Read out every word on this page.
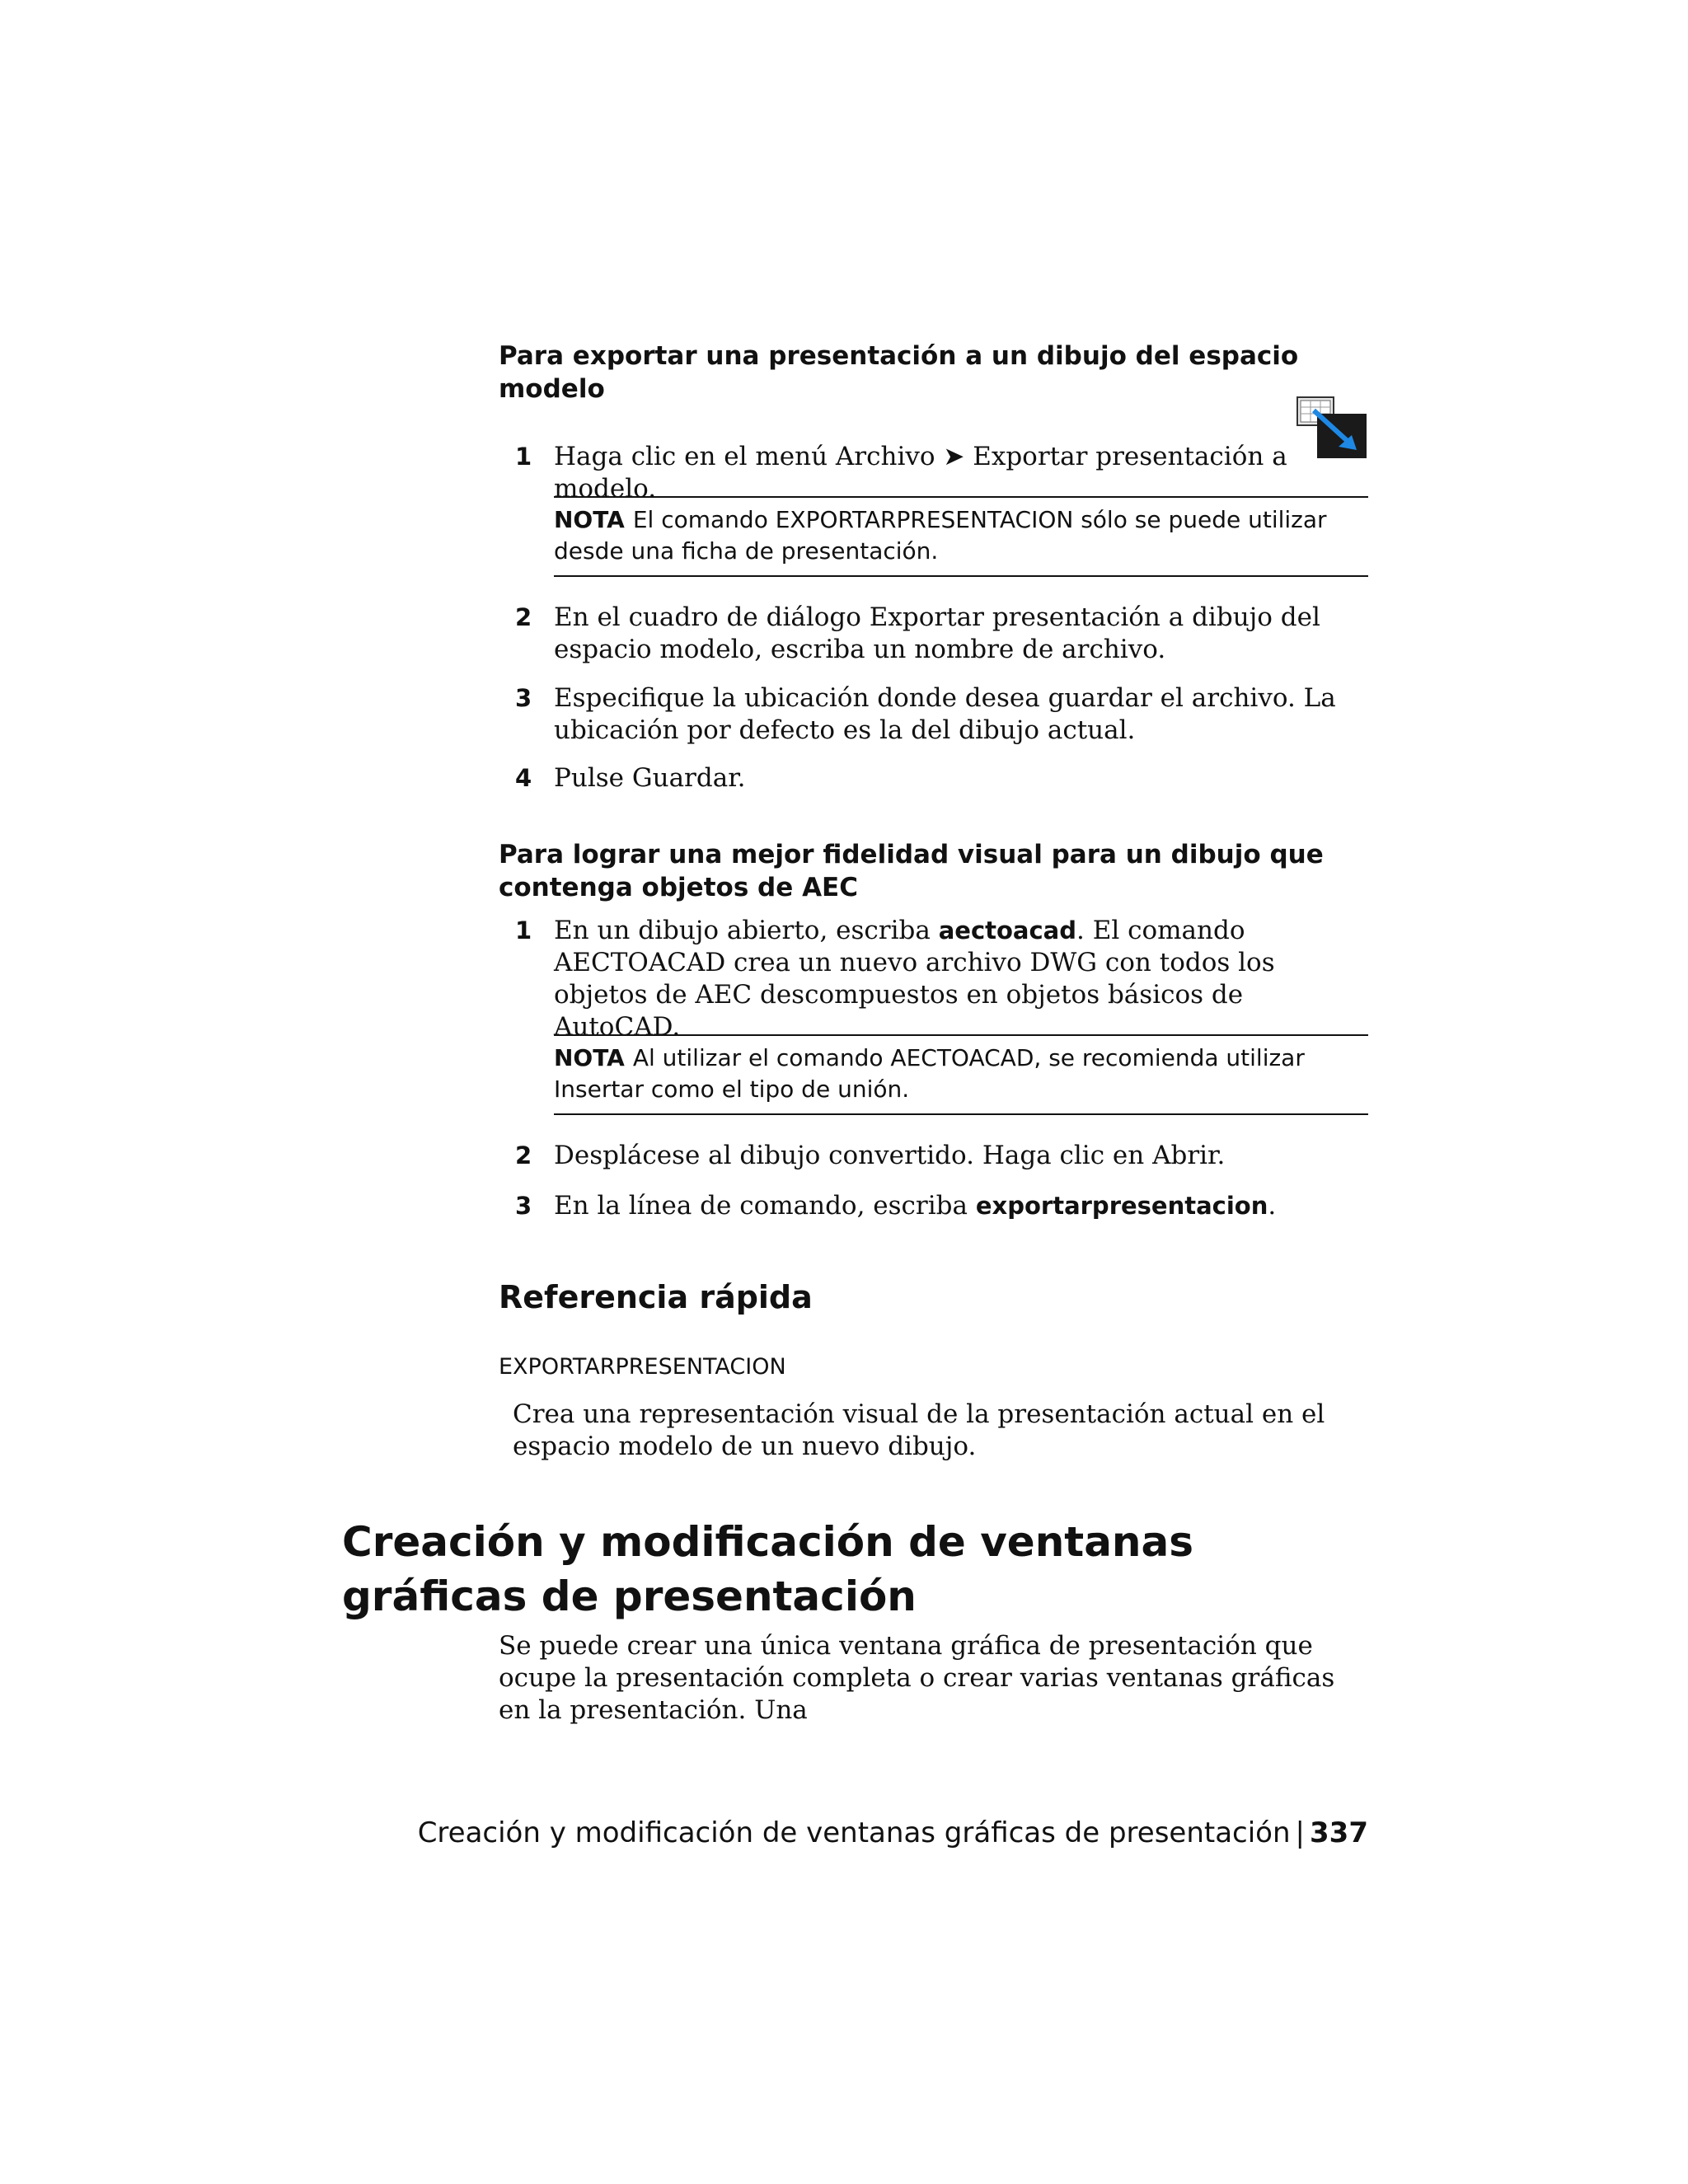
Para exportar una presentación a un dibujo del espacio modelo
1 Haga clic en el menú Archivo ➤ Exportar presentación a modelo.
NOTA El comando EXPORTARPRESENTACION sólo se puede utilizar desde una ficha de presentación.
2 En el cuadro de diálogo Exportar presentación a dibujo del espacio modelo, escriba un nombre de archivo.
3 Especifique la ubicación donde desea guardar el archivo. La ubicación por defecto es la del dibujo actual.
4 Pulse Guardar.
Para lograr una mejor fidelidad visual para un dibujo que contenga objetos de AEC
1 En un dibujo abierto, escriba aectoacad. El comando AECTOACAD crea un nuevo archivo DWG con todos los objetos de AEC descompuestos en objetos básicos de AutoCAD.
NOTA Al utilizar el comando AECTOACAD, se recomienda utilizar Insertar como el tipo de unión.
2 Desplácese al dibujo convertido. Haga clic en Abrir.
3 En la línea de comando, escriba exportarpresentacion.
Referencia rápida
EXPORTARPRESENTACION
Crea una representación visual de la presentación actual en el espacio modelo de un nuevo dibujo.
Creación y modificación de ventanas gráficas de presentación
Se puede crear una única ventana gráfica de presentación que ocupe la presentación completa o crear varias ventanas gráficas en la presentación. Una
Creación y modificación de ventanas gráficas de presentación | 337
